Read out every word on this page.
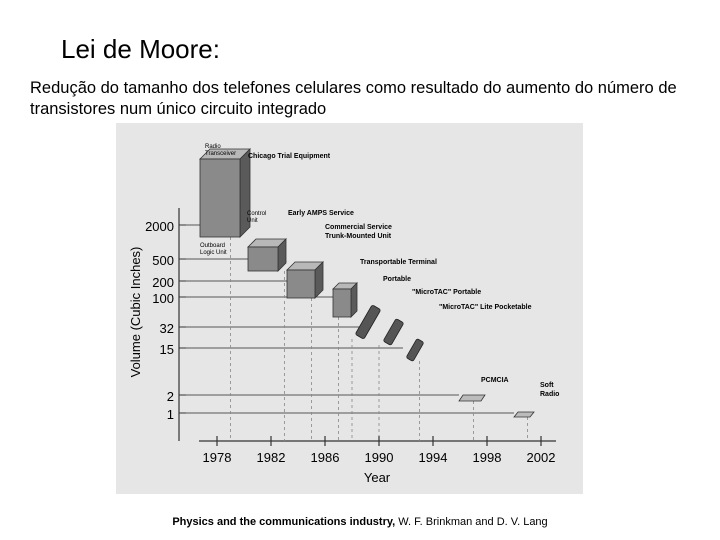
Lei de Moore:
Redução do tamanho dos telefones celulares como resultado do aumento do número de transistores num único circuito integrado
Year
Volume (Cubic Inches)
2000
500
200
100
32
15
2
1
1978 1982 1986 1990 1994 1998 2002
Chicago Trial Equipment
Early AMPS Service
Commercial Service Trunk-Mounted Unit
Transportable Terminal
Portable
"MicroTAC" Portable
"MicroTAC" Lite Pocketable
PCMCIA
Soft Radio
Radio Transceiver
Control Unit
Outboard Logic Unit
Physics and the communications industry, W. F. Brinkman and D. V. Lang
